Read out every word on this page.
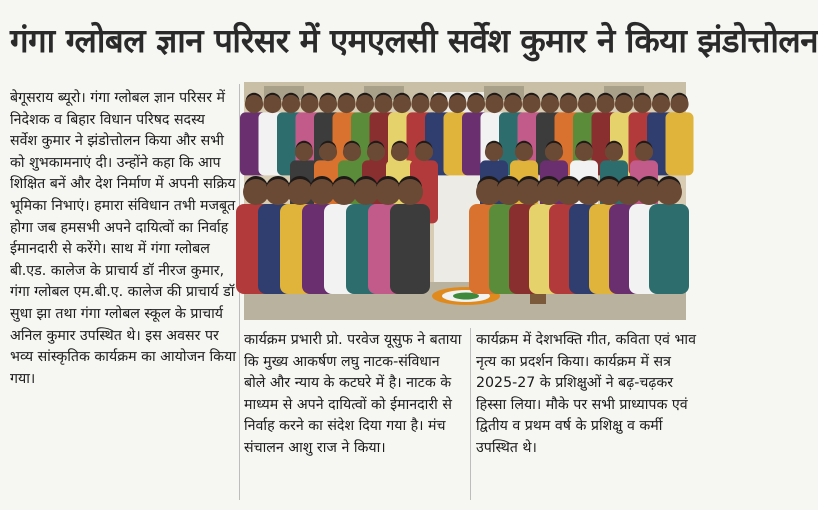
गंगा ग्लोबल ज्ञान परिसर में एमएलसी सर्वेश कुमार ने किया झंडोत्तोलन

बेगूसराय ब्यूरो। गंगा ग्लोबल ज्ञान परिसर में निदेशक व बिहार विधान परिषद सदस्य सर्वेश कुमार ने झंडोत्तोलन किया और सभी को शुभकामनाएं दी। उन्होंने कहा कि आप शिक्षित बनें और देश निर्माण में अपनी सक्रिय भूमिका निभाएं। हमारा संविधान तभी मजबूत होगा जब हमसभी अपने दायित्वों का निर्वाह ईमानदारी से करेंगे। साथ में गंगा ग्लोबल बी.एड. कालेज के प्राचार्य डॉ नीरज कुमार, गंगा ग्लोबल एम.बी.ए. कालेज की प्राचार्य डॉ सुधा झा तथा गंगा ग्लोबल स्कूल के प्राचार्य अनिल कुमार उपस्थित थे। इस अवसर पर भव्य सांस्कृतिक कार्यक्रम का आयोजन किया गया।

कार्यक्रम प्रभारी प्रो. परवेज यूसुफ ने बताया कि मुख्य आकर्षण लघु नाटक-संविधान बोले और न्याय के कटघरे में है। नाटक के माध्यम से अपने दायित्वों को ईमानदारी से निर्वाह करने का संदेश दिया गया है। मंच संचालन आशु राज ने किया।

कार्यक्रम में देशभक्ति गीत, कविता एवं भाव नृत्य का प्रदर्शन किया। कार्यक्रम में सत्र 2025-27 के प्रशिक्षुओं ने बढ़-चढ़कर हिस्सा लिया। मौके पर सभी प्राध्यापक एवं द्वितीय व प्रथम वर्ष के प्रशिक्षु व कर्मी उपस्थित थे।
